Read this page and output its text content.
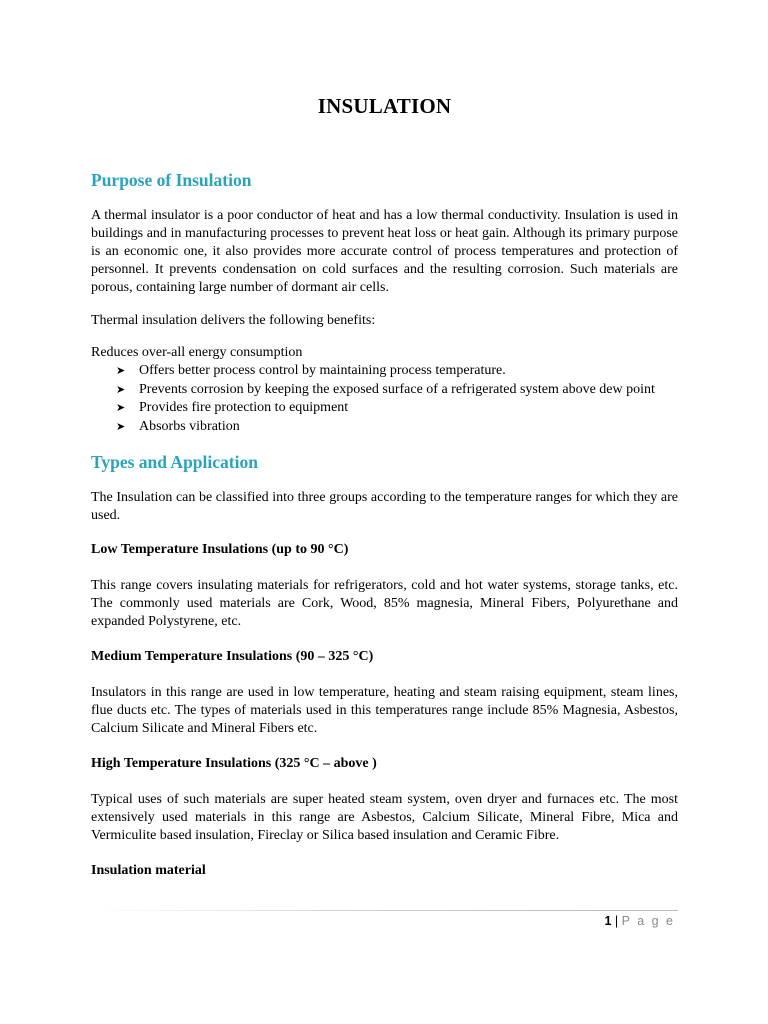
INSULATION
Purpose of Insulation

A thermal insulator is a poor conductor of heat and has a low thermal conductivity. Insulation is used in buildings and in manufacturing processes to prevent heat loss or heat gain. Although its primary purpose is an economic one, it also provides more accurate control of process temperatures and protection of personnel. It prevents condensation on cold surfaces and the resulting corrosion. Such materials are porous, containing large number of dormant air cells.

Thermal insulation delivers the following benefits:

Reduces over-all energy consumption

➤ Offers better process control by maintaining process temperature.
➤ Prevents corrosion by keeping the exposed surface of a refrigerated system above dew point
➤ Provides fire protection to equipment
➤ Absorbs vibration
Types and Application

The Insulation can be classified into three groups according to the temperature ranges for which they are used.

Low Temperature Insulations (up to 90 °C)

This range covers insulating materials for refrigerators, cold and hot water systems, storage tanks, etc. The commonly used materials are Cork, Wood, 85% magnesia, Mineral Fibers, Polyurethane and expanded Polystyrene, etc.

Medium Temperature Insulations (90 – 325 °C)

Insulators in this range are used in low temperature, heating and steam raising equipment, steam lines, flue ducts etc. The types of materials used in this temperatures range include 85% Magnesia, Asbestos, Calcium Silicate and Mineral Fibers etc.

High Temperature Insulations (325 °C – above )

Typical uses of such materials are super heated steam system, oven dryer and furnaces etc. The most extensively used materials in this range are Asbestos, Calcium Silicate, Mineral Fibre, Mica and Vermiculite based insulation, Fireclay or Silica based insulation and Ceramic Fibre.

Insulation material

1 | P a g e
